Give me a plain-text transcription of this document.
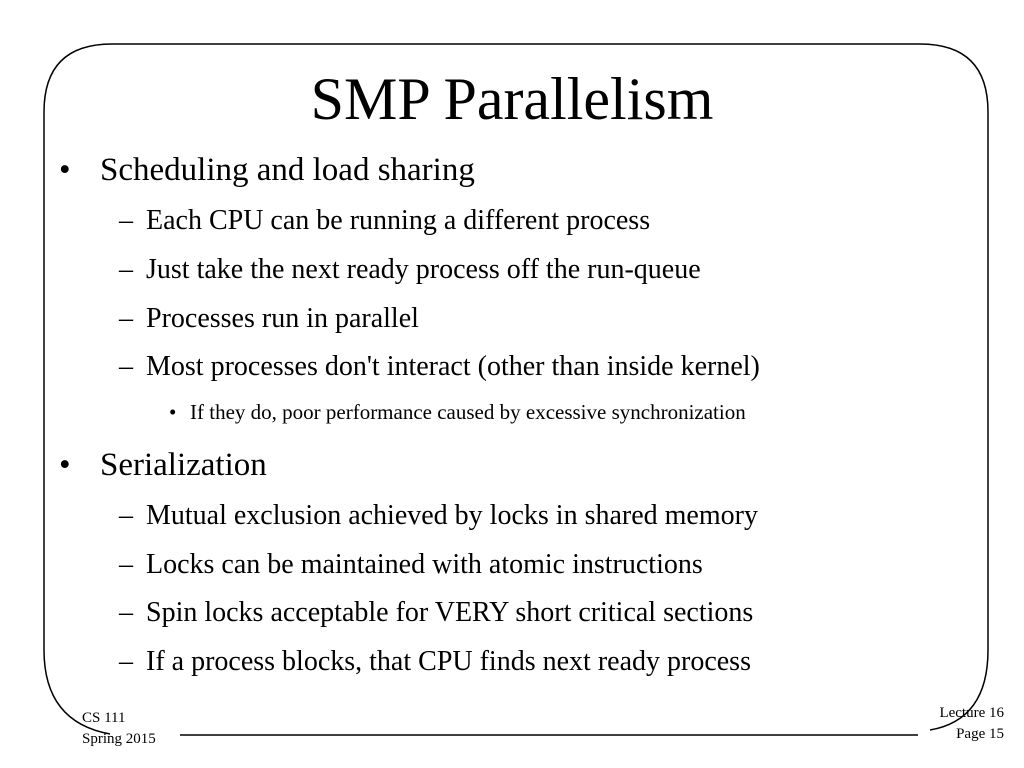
SMP Parallelism
• Scheduling and load sharing
– Each CPU can be running a different process
– Just take the next ready process off the run-queue
– Processes run in parallel
– Most processes don't interact (other than inside kernel)
• If they do, poor performance caused by excessive synchronization
• Serialization
– Mutual exclusion achieved by locks in shared memory
– Locks can be maintained with atomic instructions
– Spin locks acceptable for VERY short critical sections
– If a process blocks, that CPU finds next ready process
CS 111
Spring 2015
Lecture 16
Page 15
